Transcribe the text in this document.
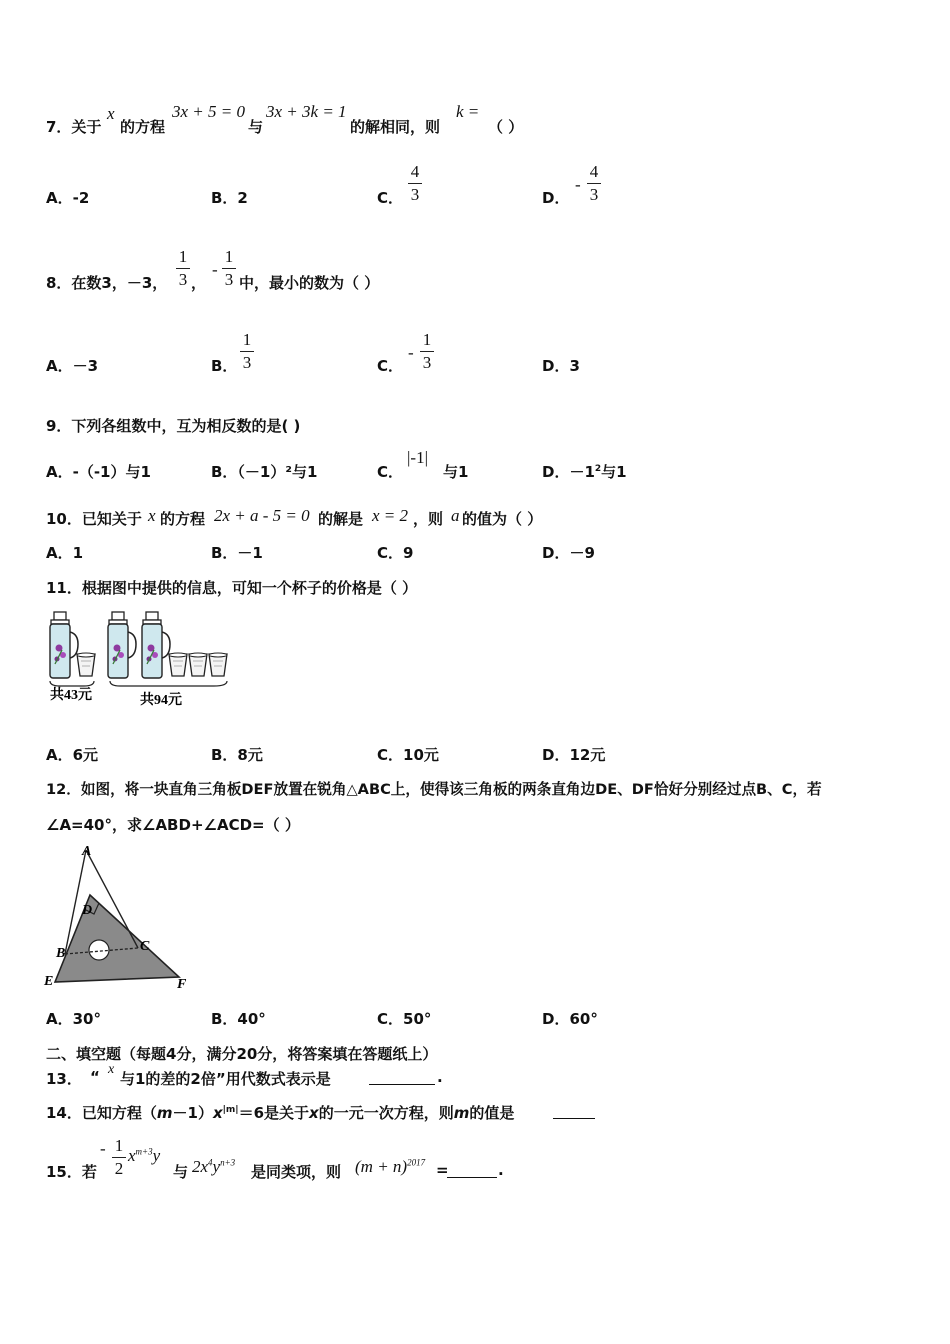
7．关于
x
的方程
3x + 5 = 0
与
3x + 3k = 1
的解相同，则
k =
（ ）
A．-2	B．2	C．
4
3	D．
-
4
3
8．在数3，－3，
1
3 ，
-
1
3 中，最小的数为（ ）
A．－3	B．
1
3	C．
-
1
3	D．3
9．下列各组数中，互为相反数的是( )
A．-（-1）与1	B．（－1）²与1	C．
|-1|
与1	D．$-1^2$与1
10．已知关于 x 的方程 2x + a - 5 = 0 的解是 x = 2 ，则 a 的值为（ ）
A．1	B．－1	C．9	D．－9
11．根据图中提供的信息，可知一个杯子的价格是（ ）
共43元	共94元
A．6元	B．8元	C．10元	D．12元
12．如图，将一块直角三角板DEF放置在锐角△ABC上，使得该三角板的两条直角边DE、DF恰好分别经过点B、C，若
∠A=40°，求∠ABD+∠ACD=（ ）
A
B	C
D
E	F
A．30°	B．40°	C．50°	D．60°
二、填空题（每题4分，满分20分，将答案填在答题纸上）
13． “ x
与1的差的2倍”用代数式表示是	.
14．已知方程$(m-1)x^{|m|}=6$是关于x的一元一次方程，则m的值是
15．若
- 1
2
$x^{m+3}y$
与 $2x^4y^{n+3}$
是同类项，则 $(m + n)^{2017}$ =	.
